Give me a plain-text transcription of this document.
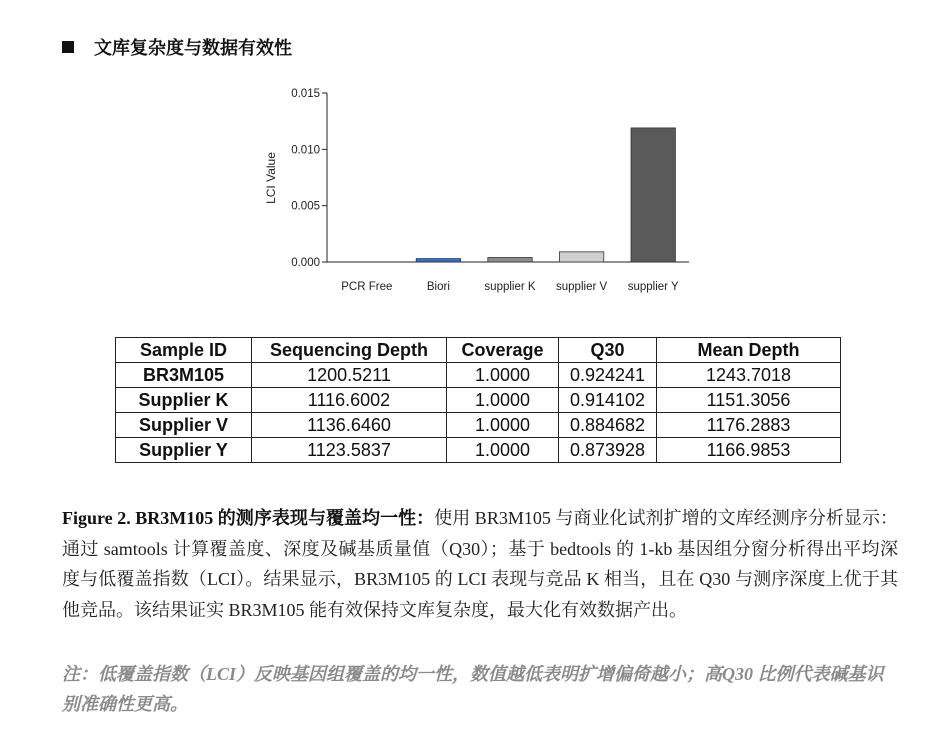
文库复杂度与数据有效性
LCI Value
0.000
0.005
0.010
0.015
PCR Free	Biori	supplier K supplier V supplier Y
Sample ID	Sequencing Depth	Coverage	Q30	Mean Depth
BR3M105	1200.5211	1.0000	0.924241	1243.7018
Supplier K	1116.6002	1.0000	0.914102	1151.3056
Supplier V	1136.6460	1.0000	0.884682	1176.2883
Supplier Y	1123.5837	1.0000	0.873928	1166.9853
Figure 2. BR3M105 的测序表现与覆盖均一性：使用 BR3M105 与商业化试剂扩增的文库经测序分析显示：通过 samtools 计算覆盖度、深度及碱基质量值（Q30）；基于 bedtools 的 1-kb 基因组分窗分析得出平均深度与低覆盖指数（LCI）。结果显示，BR3M105 的 LCI 表现与竞品 K 相当，且在 Q30 与测序深度上优于其他竞品。该结果证实 BR3M105 能有效保持文库复杂度，最大化有效数据产出。
注：低覆盖指数（LCI）反映基因组覆盖的均一性，数值越低表明扩增偏倚越小；高Q30 比例代表碱基识别准确性更高。
